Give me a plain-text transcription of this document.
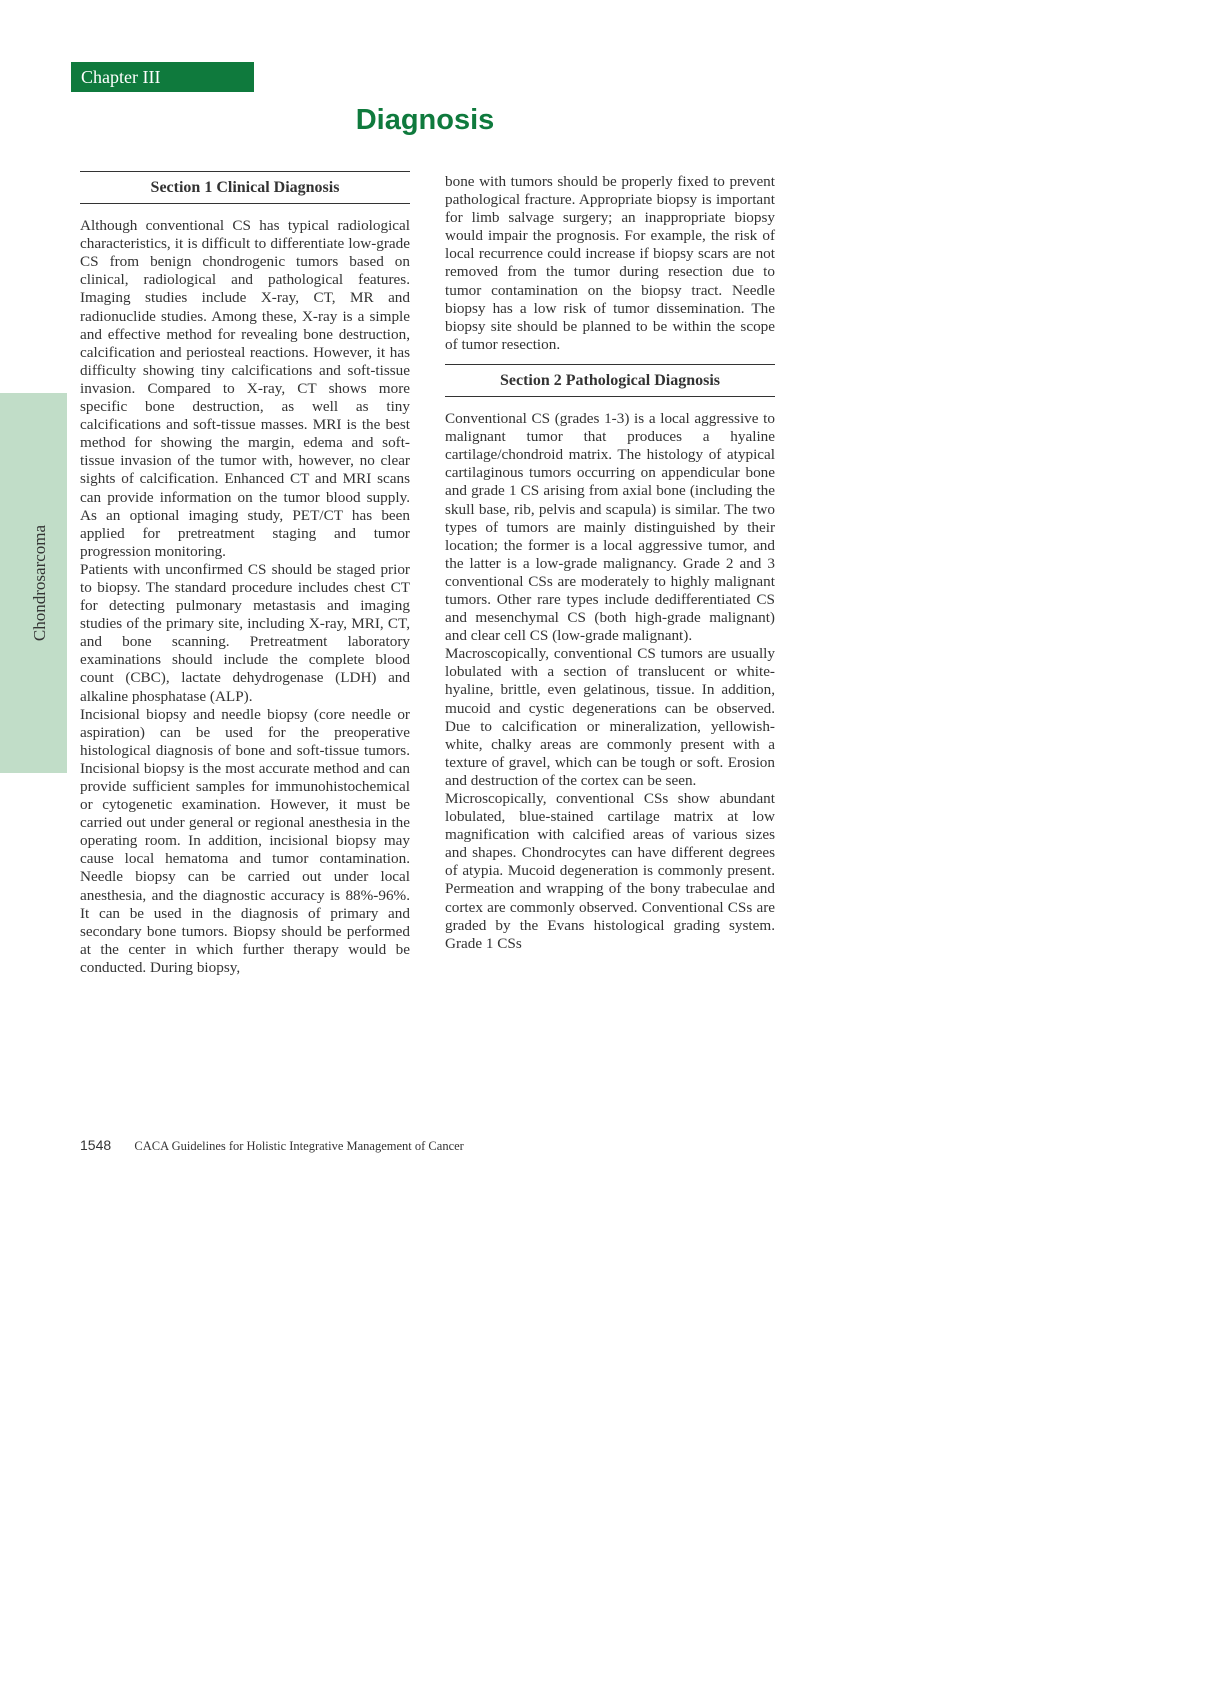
Chapter III
Diagnosis
Chondrosarcoma
Section 1 Clinical Diagnosis

Although conventional CS has typical radiological characteristics, it is difficult to differentiate low-grade CS from benign chondrogenic tumors based on clinical, radiological and pathological features. Imaging studies include X-ray, CT, MR and radionuclide studies. Among these, X-ray is a simple and effective method for revealing bone destruction, calcification and periosteal reactions. However, it has difficulty showing tiny calcifications and soft-tissue invasion. Compared to X-ray, CT shows more specific bone destruction, as well as tiny calcifications and soft-tissue masses. MRI is the best method for showing the margin, edema and soft-tissue invasion of the tumor with, however, no clear sights of calcification. Enhanced CT and MRI scans can provide information on the tumor blood supply. As an optional imaging study, PET/CT has been applied for pretreatment staging and tumor progression monitoring.

Patients with unconfirmed CS should be staged prior to biopsy. The standard procedure includes chest CT for detecting pulmonary metastasis and imaging studies of the primary site, including X-ray, MRI, CT, and bone scanning. Pretreatment laboratory examinations should include the complete blood count (CBC), lactate dehydrogenase (LDH) and alkaline phosphatase (ALP).

Incisional biopsy and needle biopsy (core needle or aspiration) can be used for the preoperative histological diagnosis of bone and soft-tissue tumors. Incisional biopsy is the most accurate method and can provide sufficient samples for immunohistochemical or cytogenetic examination. However, it must be carried out under general or regional anesthesia in the operating room. In addition, incisional biopsy may cause local hematoma and tumor contamination. Needle biopsy can be carried out under local anesthesia, and the diagnostic accuracy is 88%-96%. It can be used in the diagnosis of primary and secondary bone tumors. Biopsy should be performed at the center in which further therapy would be conducted. During biopsy,

bone with tumors should be properly fixed to prevent pathological fracture. Appropriate biopsy is important for limb salvage surgery; an inappropriate biopsy would impair the prognosis. For example, the risk of local recurrence could increase if biopsy scars are not removed from the tumor during resection due to tumor contamination on the biopsy tract. Needle biopsy has a low risk of tumor dissemination. The biopsy site should be planned to be within the scope of tumor resection.

Section 2 Pathological Diagnosis

Conventional CS (grades 1-3) is a local aggressive to malignant tumor that produces a hyaline cartilage/chondroid matrix. The histology of atypical cartilaginous tumors occurring on appendicular bone and grade 1 CS arising from axial bone (including the skull base, rib, pelvis and scapula) is similar. The two types of tumors are mainly distinguished by their location; the former is a local aggressive tumor, and the latter is a low-grade malignancy. Grade 2 and 3 conventional CSs are moderately to highly malignant tumors. Other rare types include dedifferentiated CS and mesenchymal CS (both high-grade malignant) and clear cell CS (low-grade malignant).

Macroscopically, conventional CS tumors are usually lobulated with a section of translucent or white-hyaline, brittle, even gelatinous, tissue. In addition, mucoid and cystic degenerations can be observed. Due to calcification or mineralization, yellowish-white, chalky areas are commonly present with a texture of gravel, which can be tough or soft. Erosion and destruction of the cortex can be seen.

Microscopically, conventional CSs show abundant lobulated, blue-stained cartilage matrix at low magnification with calcified areas of various sizes and shapes. Chondrocytes can have different degrees of atypia. Mucoid degeneration is commonly present. Permeation and wrapping of the bony trabeculae and cortex are commonly observed. Conventional CSs are graded by the Evans histological grading system. Grade 1 CSs

1548 CACA Guidelines for Holistic Integrative Management of Cancer
